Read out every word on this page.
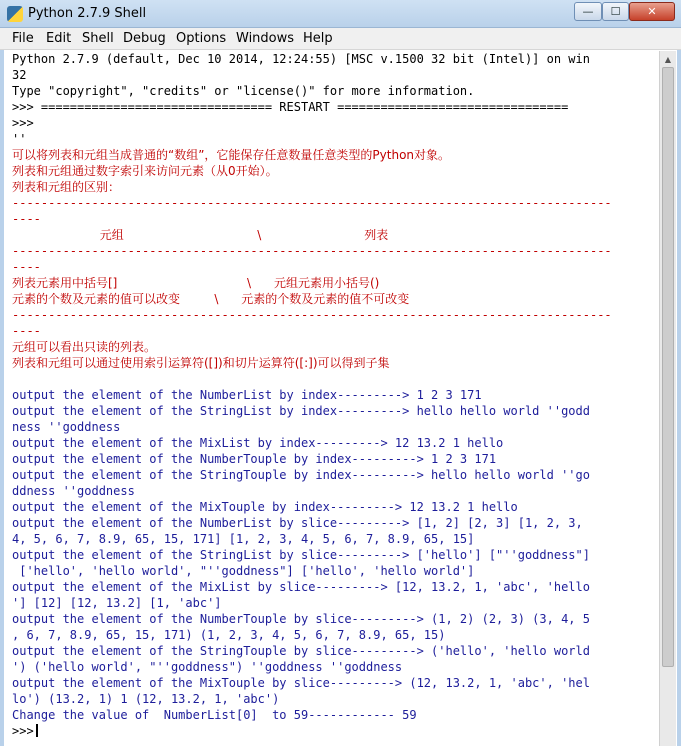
Python 2.7.9 Shell	—	☐	✕
File Edit Shell Debug Options Windows Help
Python 2.7.9 (default, Dec 10 2014, 12:24:55) [MSC v.1500 32 bit (Intel)] on win
32
Type "copyright", "credits" or "license()" for more information.
>>> ================================ RESTART ================================
>>>
''
可以将列表和元组当成普通的“数组”，它能保存任意数量任意类型的Python对象。
列表和元组通过数字索引来访问元素（从0开始）。
列表和元组的区别：
-----------------------------------------------------------------------------------
----
元组                                   \                           列表
-----------------------------------------------------------------------------------
----
列表元素用中括号[]                                  \      元组元素用小括号()
元素的个数及元素的值可以改变         \      元素的个数及元素的值不可改变
-----------------------------------------------------------------------------------
----
元组可以看出只读的列表。
列表和元组可以通过使用索引运算符([])和切片运算符([:])可以得到子集
output the element of the NumberList by index---------> 1 2 3 171
output the element of the StringList by index---------> hello hello world ''godd
ness ''goddness
output the element of the MixList by index---------> 12 13.2 1 hello
output the element of the NumberTouple by index---------> 1 2 3 171
output the element of the StringTouple by index---------> hello hello world ''go
ddness ''goddness
output the element of the MixTouple by index---------> 12 13.2 1 hello
output the element of the NumberList by slice---------> [1, 2] [2, 3] [1, 2, 3,
4, 5, 6, 7, 8.9, 65, 15, 171] [1, 2, 3, 4, 5, 6, 7, 8.9, 65, 15]
output the element of the StringList by slice---------> ['hello'] ["''goddness"]
['hello', 'hello world', "''goddness"] ['hello', 'hello world']
output the element of the MixList by slice---------> [12, 13.2, 1, 'abc', 'hello
'] [12] [12, 13.2] [1, 'abc']
output the element of the NumberTouple by slice---------> (1, 2) (2, 3) (3, 4, 5
, 6, 7, 8.9, 65, 15, 171) (1, 2, 3, 4, 5, 6, 7, 8.9, 65, 15)
output the element of the StringTouple by slice---------> ('hello', 'hello world
') ('hello world', "''goddness") ''goddness ''goddness
output the element of the MixTouple by slice---------> (12, 13.2, 1, 'abc', 'hel
lo') (13.2, 1) 1 (12, 13.2, 1, 'abc')
Change the value of  NumberList[0]  to 59------------ 59
>>>
▲
